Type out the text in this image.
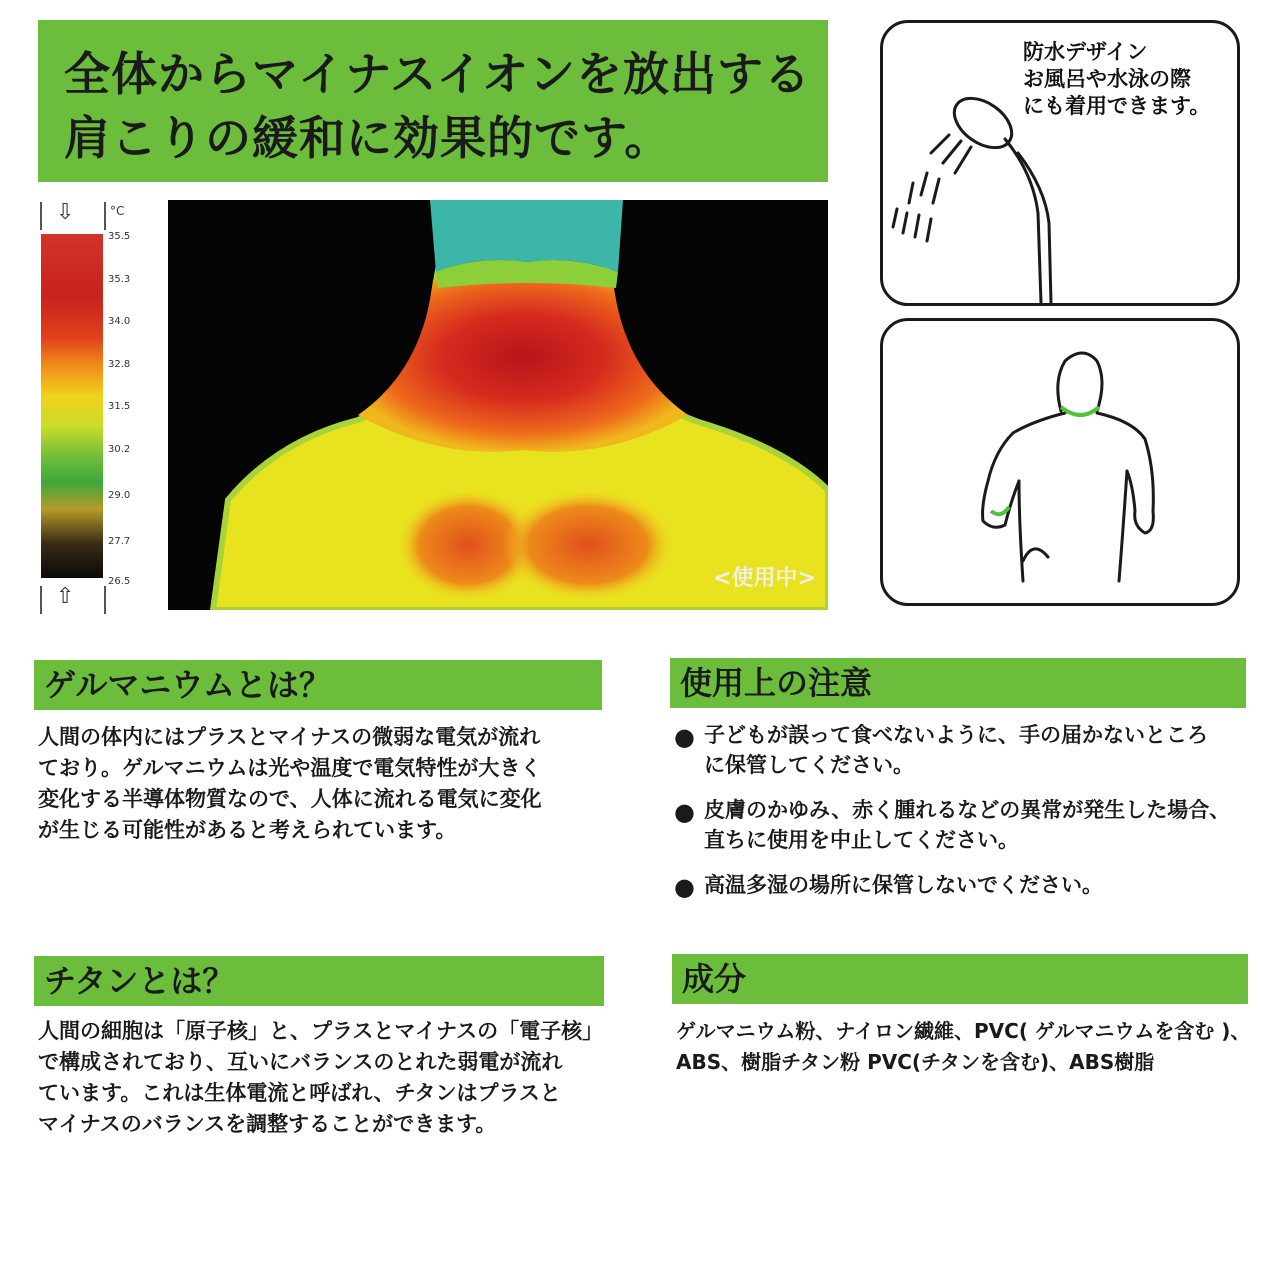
全体からマイナスイオンを放出する
肩こりの緩和に効果的です。
⇩	°C
35.5
35.3
34.0
32.8
31.5
30.2
29.0
27.7
26.5
⇧
<使用中>
防水デザイン
お風呂や水泳の際
にも着用できます。
ゲルマニウムとは？
人間の体内にはプラスとマイナスの微弱な電気が流れ
ており。ゲルマニウムは光や温度で電気特性が大きく
変化する半導体物質なので、人体に流れる電気に変化
が生じる可能性があると考えられています。
使用上の注意
● 子どもが誤って食べないように、手の届かないところ
に保管してください。
● 皮膚のかゆみ、赤く腫れるなどの異常が発生した場合、
直ちに使用を中止してください。
● 高温多湿の場所に保管しないでください。
チタンとは？
人間の細胞は「原子核」と、プラスとマイナスの「電子核」
で構成されており、互いにバランスのとれた弱電が流れ
ています。これは生体電流と呼ばれ、チタンはプラスと
マイナスのバランスを調整することができます。
成分
ゲルマニウム粉、ナイロン繊維、PVC( ゲルマニウムを含む )、
ABS、樹脂チタン粉 PVC(チタンを含む)、ABS樹脂
